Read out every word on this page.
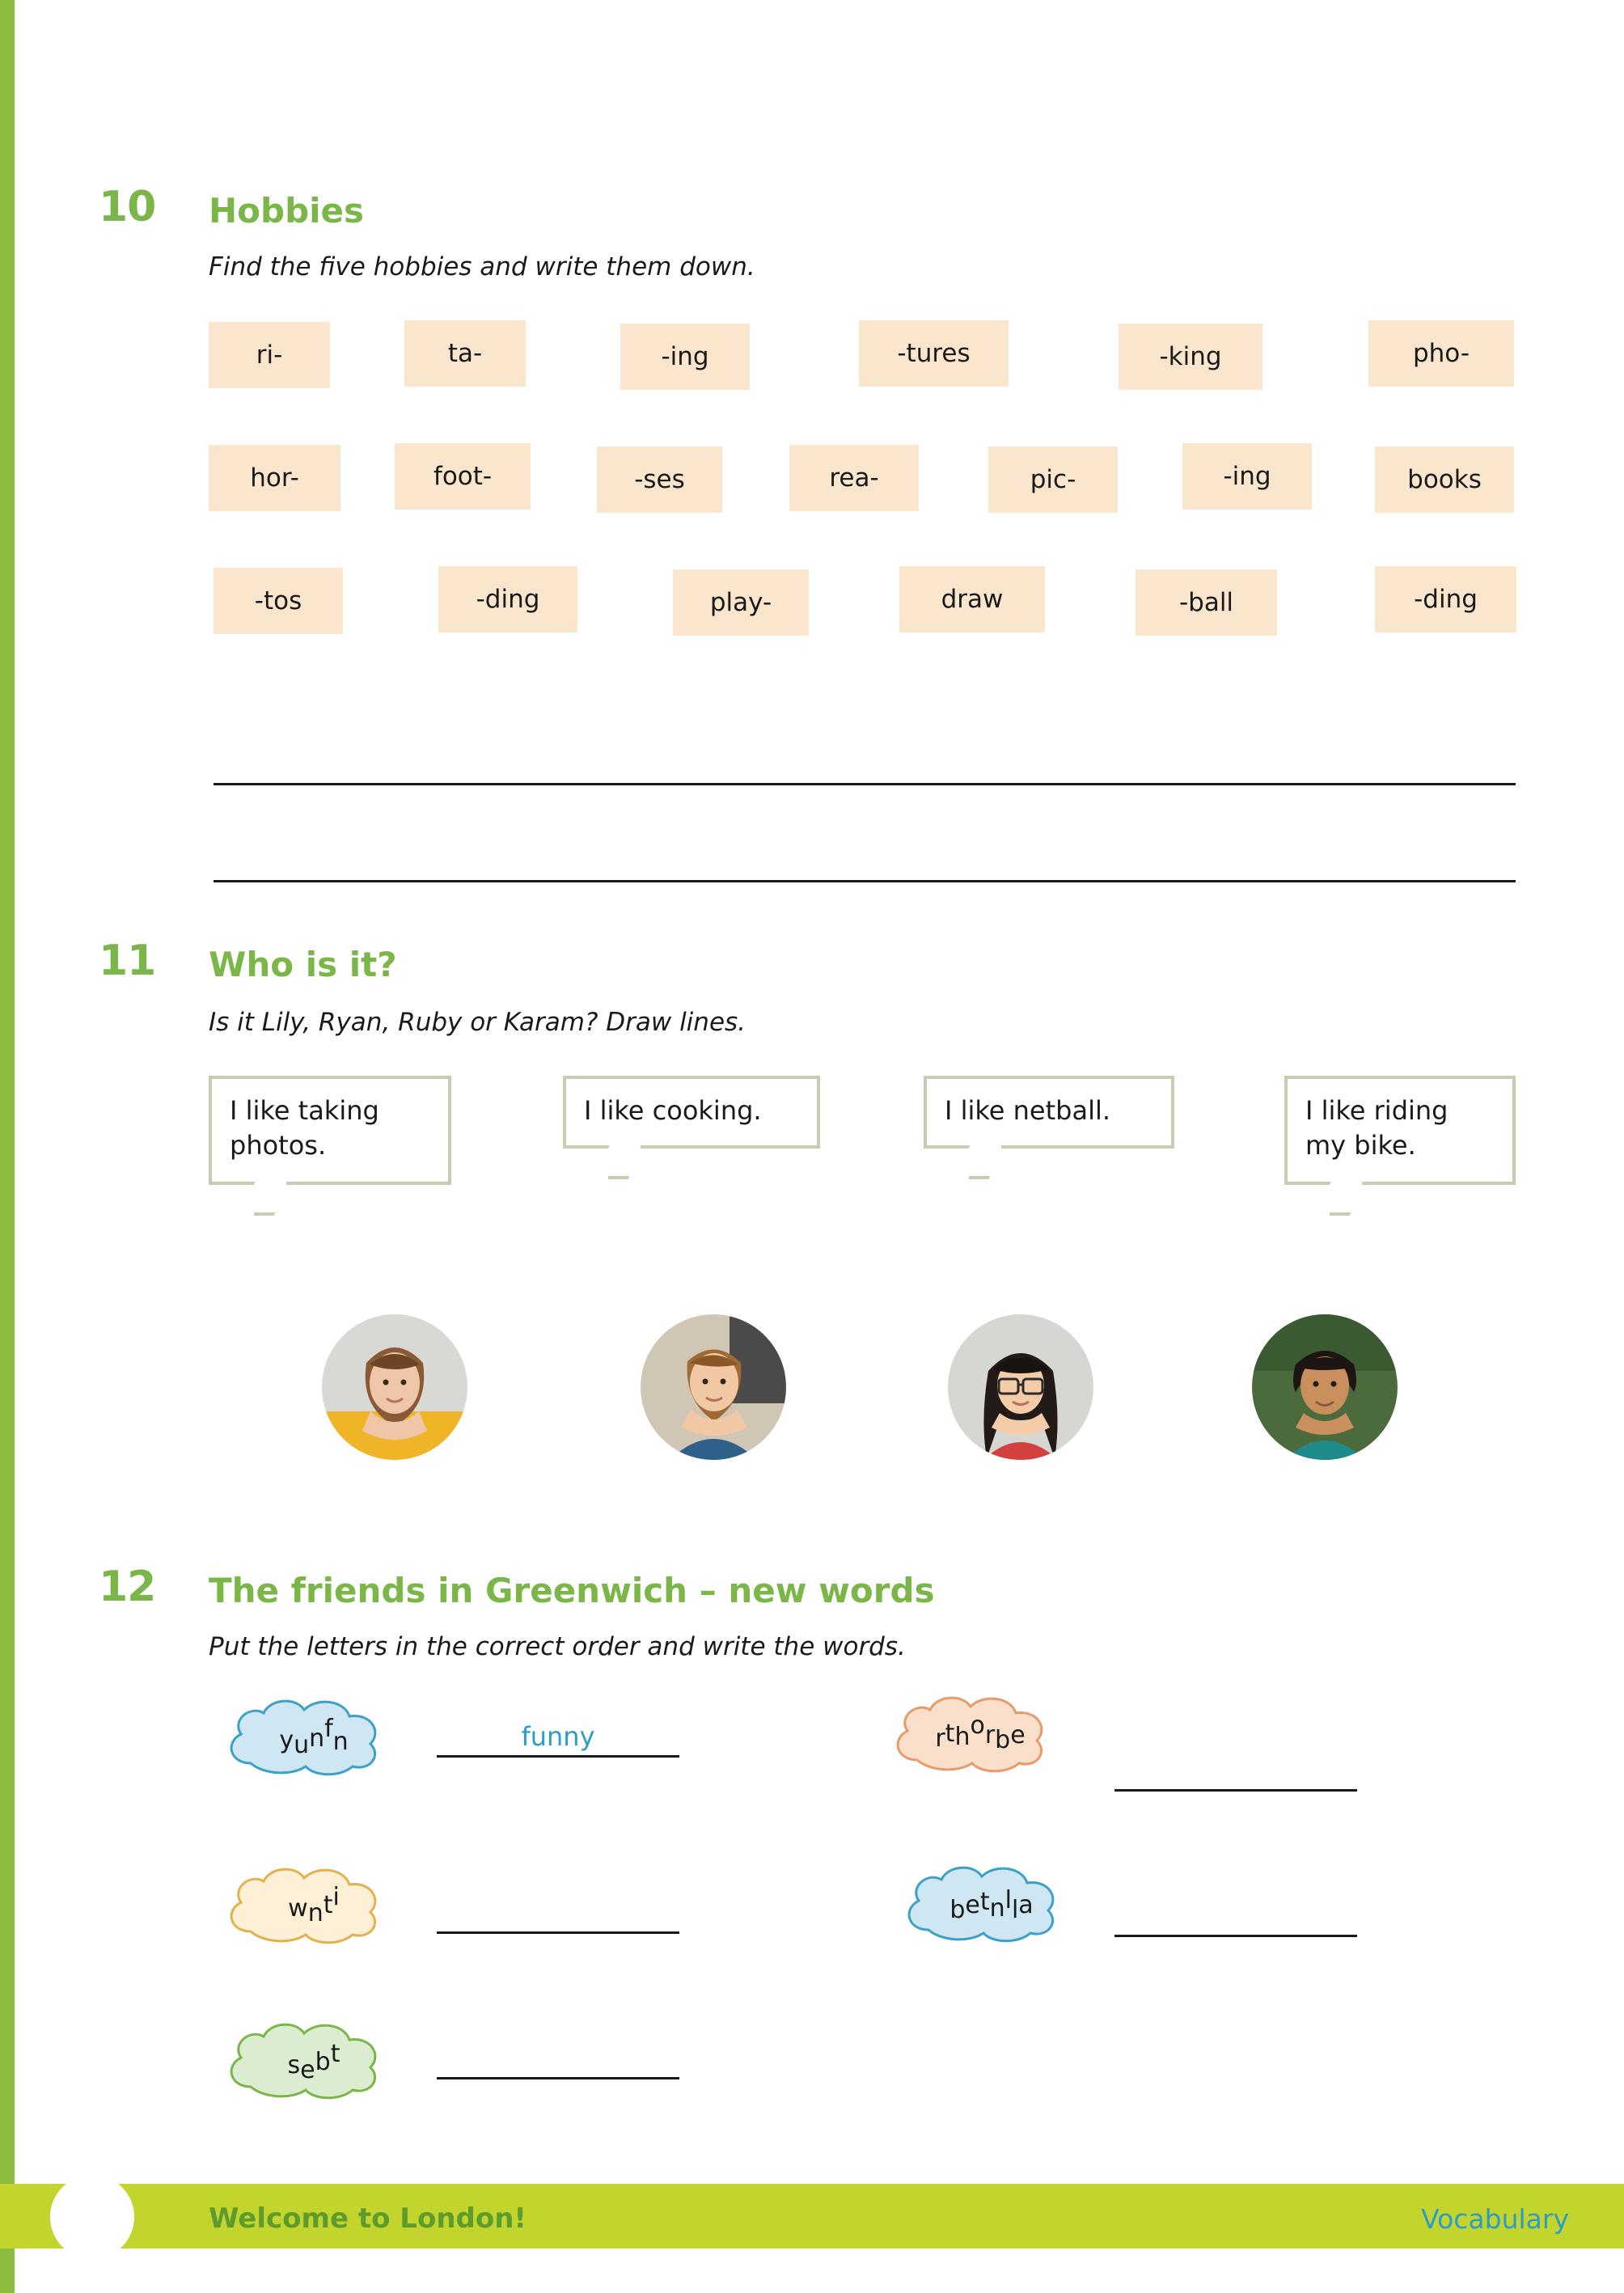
10 Hobbies
Find the five hobbies and write them down.
ri-	ta-	-ing	-tures	-king	pho-
hor-	foot-	-ses	rea-	pic-	-ing	books
-tos	-ding	play-	draw	-ball	-ding
11 Who is it?
Is it Lily, Ryan, Ruby or Karam? Draw lines.
I like taking photos.
I like cooking.	I like netball.	I like riding my bike.
12 The friends in Greenwich – new words
Put the letters in the correct order and write the words.
y u n f n	funny	r t h o r b e
w n t i	b e t n l l a
s e b t
Welcome to London!	Vocabulary
